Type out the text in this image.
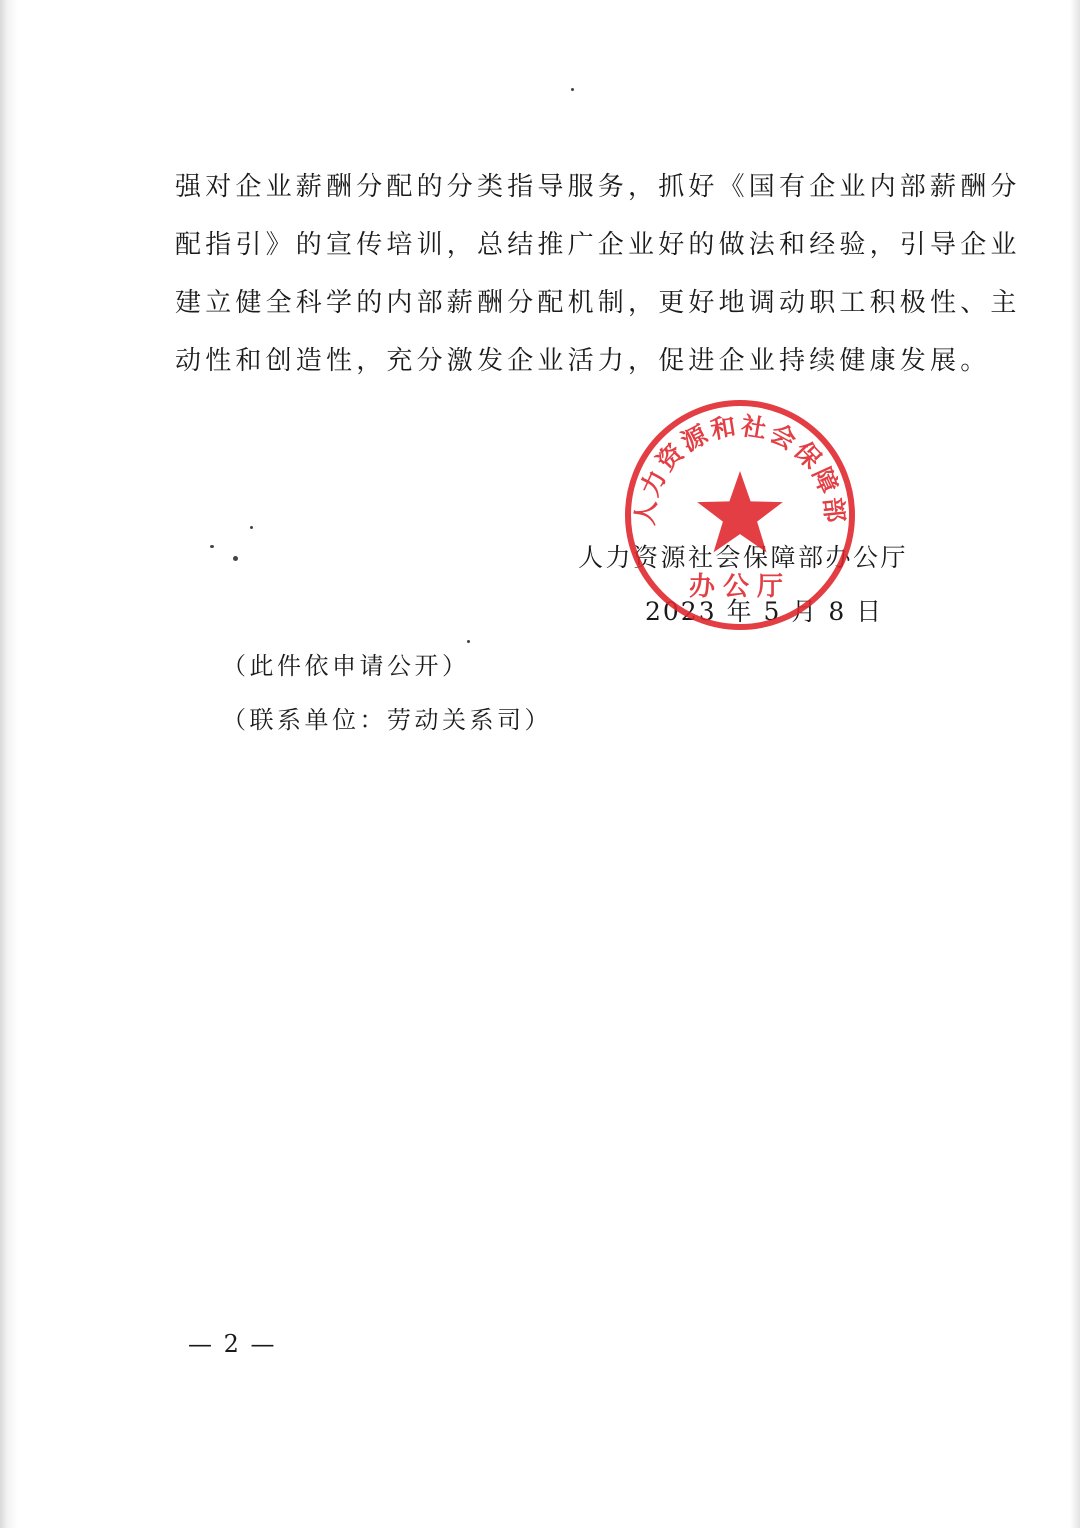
强对企业薪酬分配的分类指导服务，抓好《国有企业内部薪酬分
配指引》的宣传培训，总结推广企业好的做法和经验，引导企业
建立健全科学的内部薪酬分配机制，更好地调动职工积极性、主
动性和创造性，充分激发企业活力，促进企业持续健康发展。
人力资源社会保障部办公厅
2023 年 5 月 8 日
人力资源和社会保障部
办公厅
（此件依申请公开）
（联系单位：劳动关系司）
— 2 —
